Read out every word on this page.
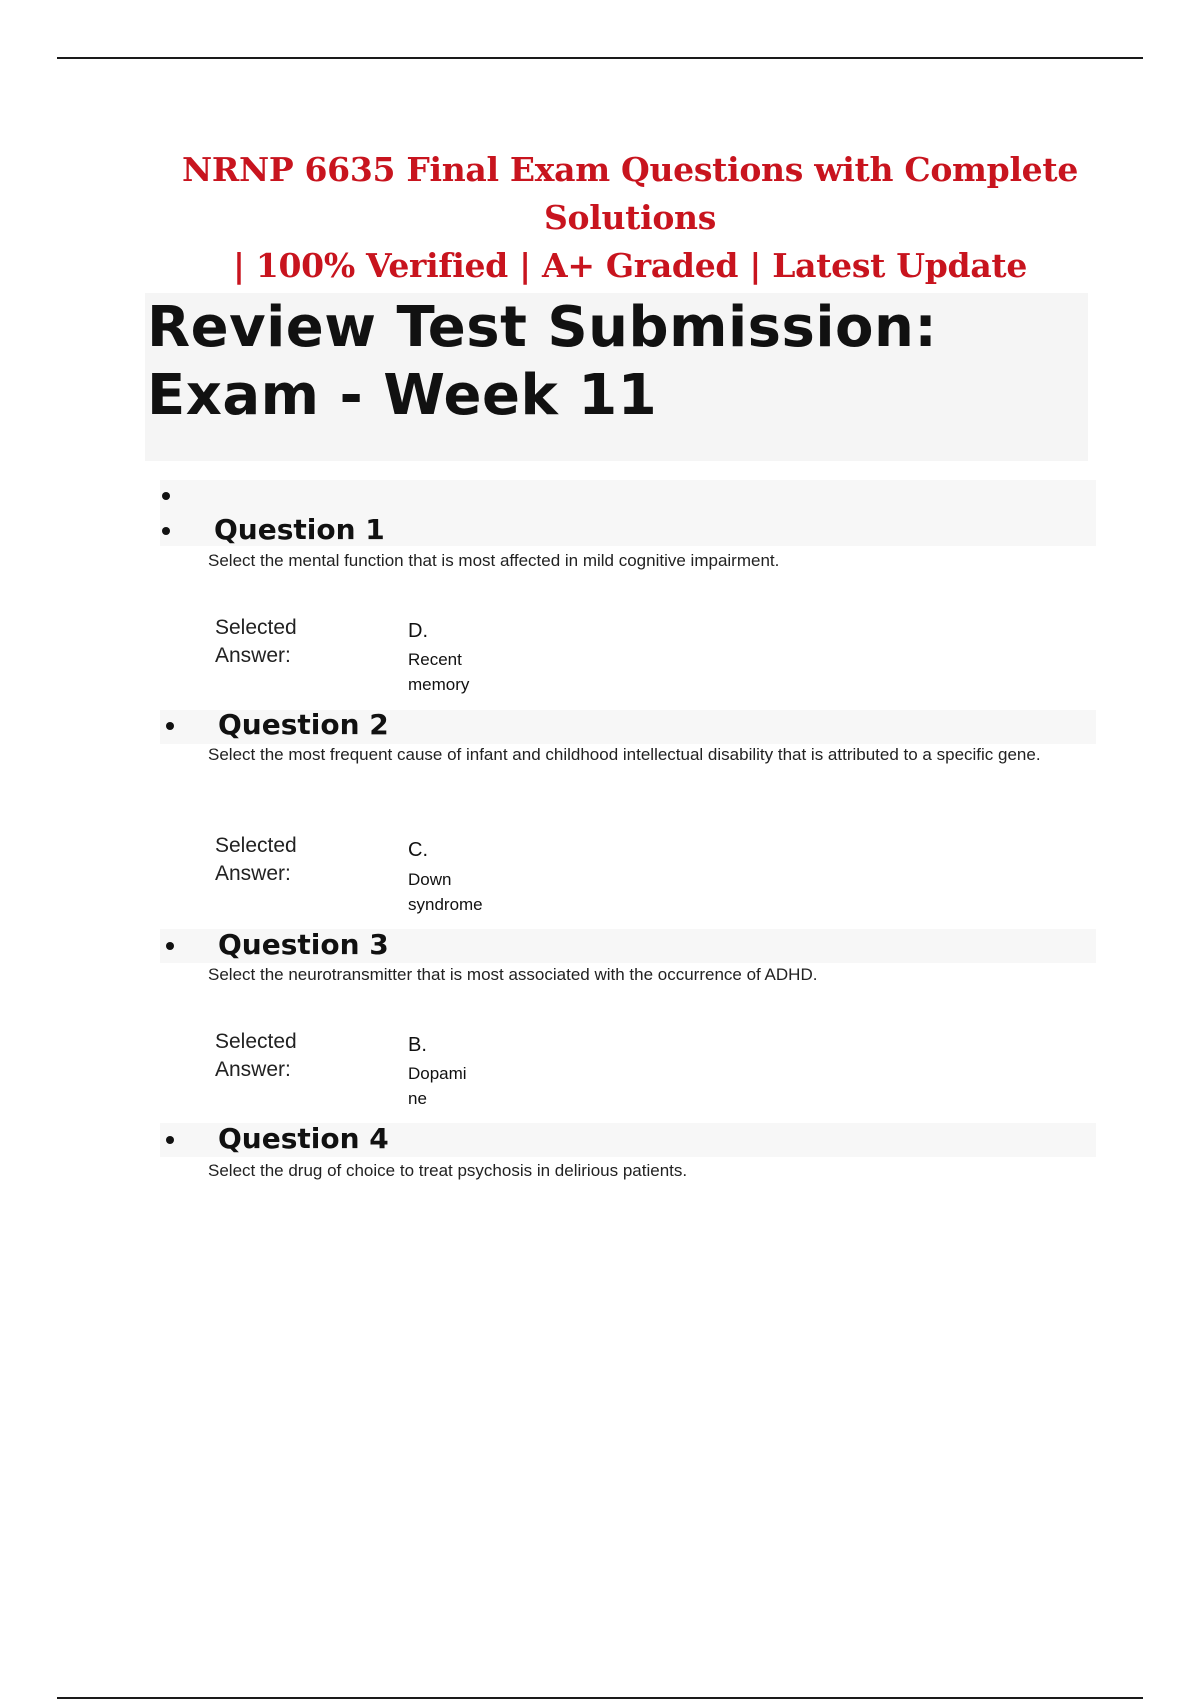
NRNP 6635 Final Exam Questions with Complete Solutions
| 100% Verified | A+ Graded | Latest Update
Review Test Submission:
Exam - Week 11
Question 1
Select the mental function that is most affected in mild cognitive impairment.
Selected
Answer:
D.
Recent
memory
Question 2
Select the most frequent cause of infant and childhood intellectual disability that is attributed to a specific gene.
Selected
Answer:
C.
Down
syndrome
Question 3
Select the neurotransmitter that is most associated with the occurrence of ADHD.
Selected
Answer:
B.
Dopami
ne
Question 4
Select the drug of choice to treat psychosis in delirious patients.
